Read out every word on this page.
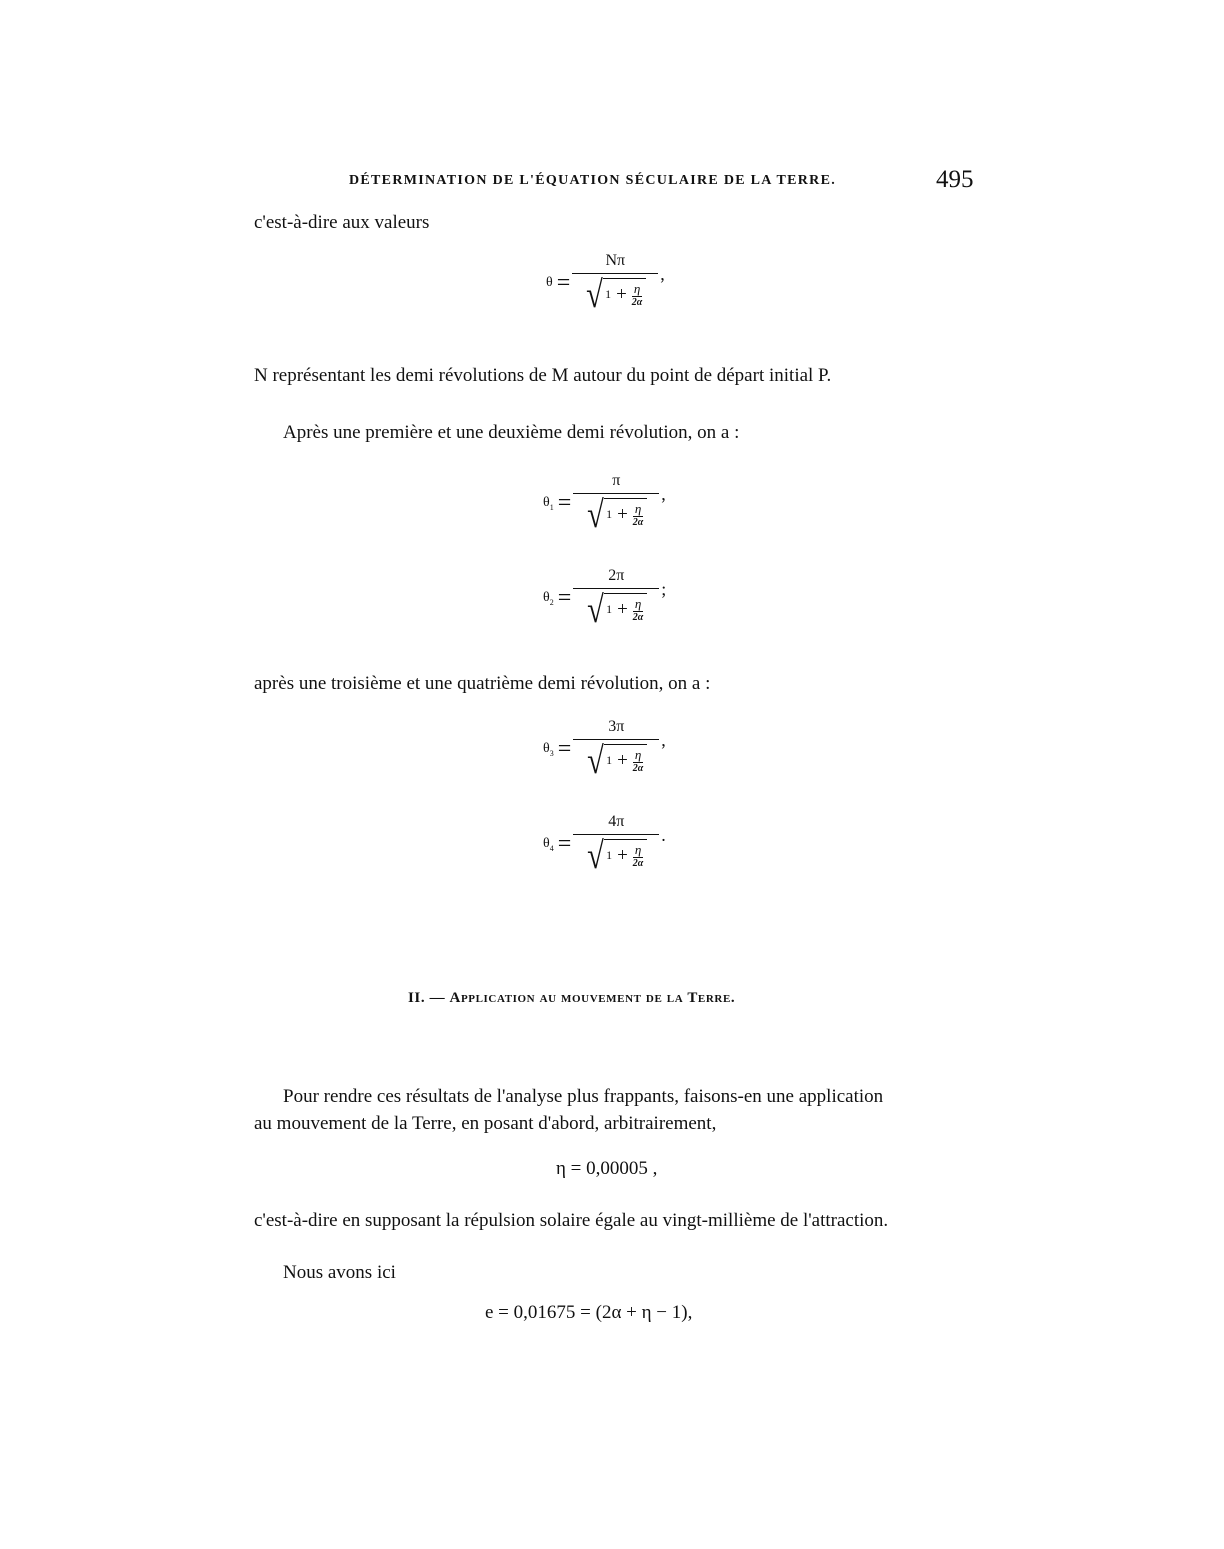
DÉTERMINATION DE L'ÉQUATION SÉCULAIRE DE LA TERRE.	495
c'est-à-dire aux valeurs
θ = Nπ
√ 1 + η
2α ,
N représentant les demi révolutions de M autour du point de départ initial P.
Après une première et une deuxième demi révolution, on a :
$\theta_1 = \pi$
√ 1 + η
2α ,
$\theta_2 = 2\pi$
√ 1 + η
2α ;
après une troisième et une quatrième demi révolution, on a :
$\theta_3 = 3\pi$
√ 1 + η
2α ,
$\theta_4 = 4\pi$
√ 1 + η
2α .
II. — Application au mouvement de la Terre.
Pour rendre ces résultats de l'analyse plus frappants, faisons-en une application
au mouvement de la Terre, en posant d'abord, arbitrairement,
η = 0,00005 ,
c'est-à-dire en supposant la répulsion solaire égale au vingt-millième de l'attraction.
Nous avons ici
e = 0,01675 = (2α + η − 1),
